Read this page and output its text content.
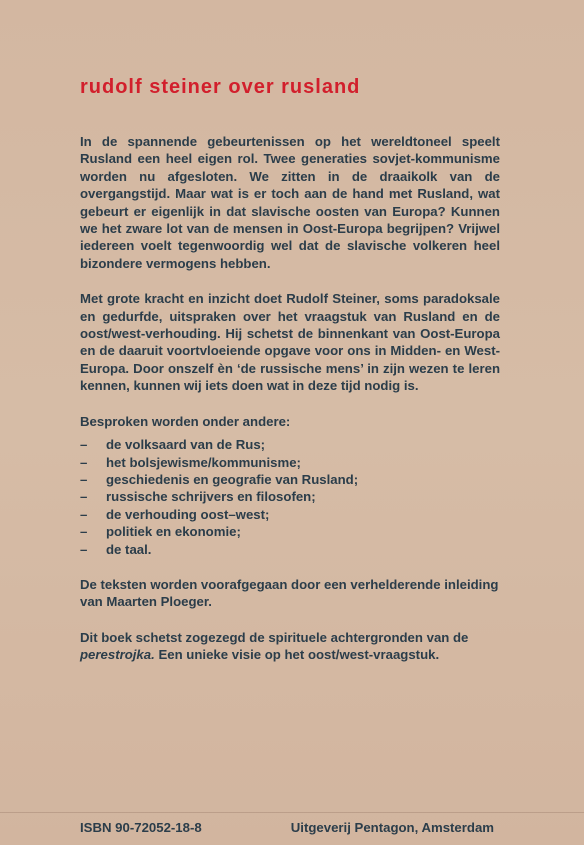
rudolf steiner over rusland

In de spannende gebeurtenissen op het wereldtoneel speelt Rusland een heel eigen rol. Twee generaties sovjet-kommunisme worden nu afgesloten. We zitten in de draaikolk van de overgangstijd. Maar wat is er toch aan de hand met Rusland, wat gebeurt er eigenlijk in dat slavische oosten van Europa? Kunnen we het zware lot van de mensen in Oost-Europa begrijpen? Vrijwel iedereen voelt tegenwoordig wel dat de slavische volkeren heel bizondere vermogens hebben.

Met grote kracht en inzicht doet Rudolf Steiner, soms paradoksale en gedurfde, uitspraken over het vraagstuk van Rusland en de oost/west-verhouding. Hij schetst de binnenkant van Oost-Europa en de daaruit voortvloeiende opgave voor ons in Midden- en West-Europa. Door onszelf èn ‘de russische mens’ in zijn wezen te leren kennen, kunnen wij iets doen wat in deze tijd nodig is.

Besproken worden onder andere:

–	de volksaard van de Rus;
–	het bolsjewisme/kommunisme;
–	geschiedenis en geografie van Rusland;
–	russische schrijvers en filosofen;
–	de verhouding oost–west;
–	politiek en ekonomie;
–	de taal.

De teksten worden voorafgegaan door een verhelderende inleiding van Maarten Ploeger.

Dit boek schetst zogezegd de spirituele achtergronden van de perestrojka. Een unieke visie op het oost/west-vraagstuk.

ISBN 90-72052-18-8	Uitgeverij Pentagon, Amsterdam
